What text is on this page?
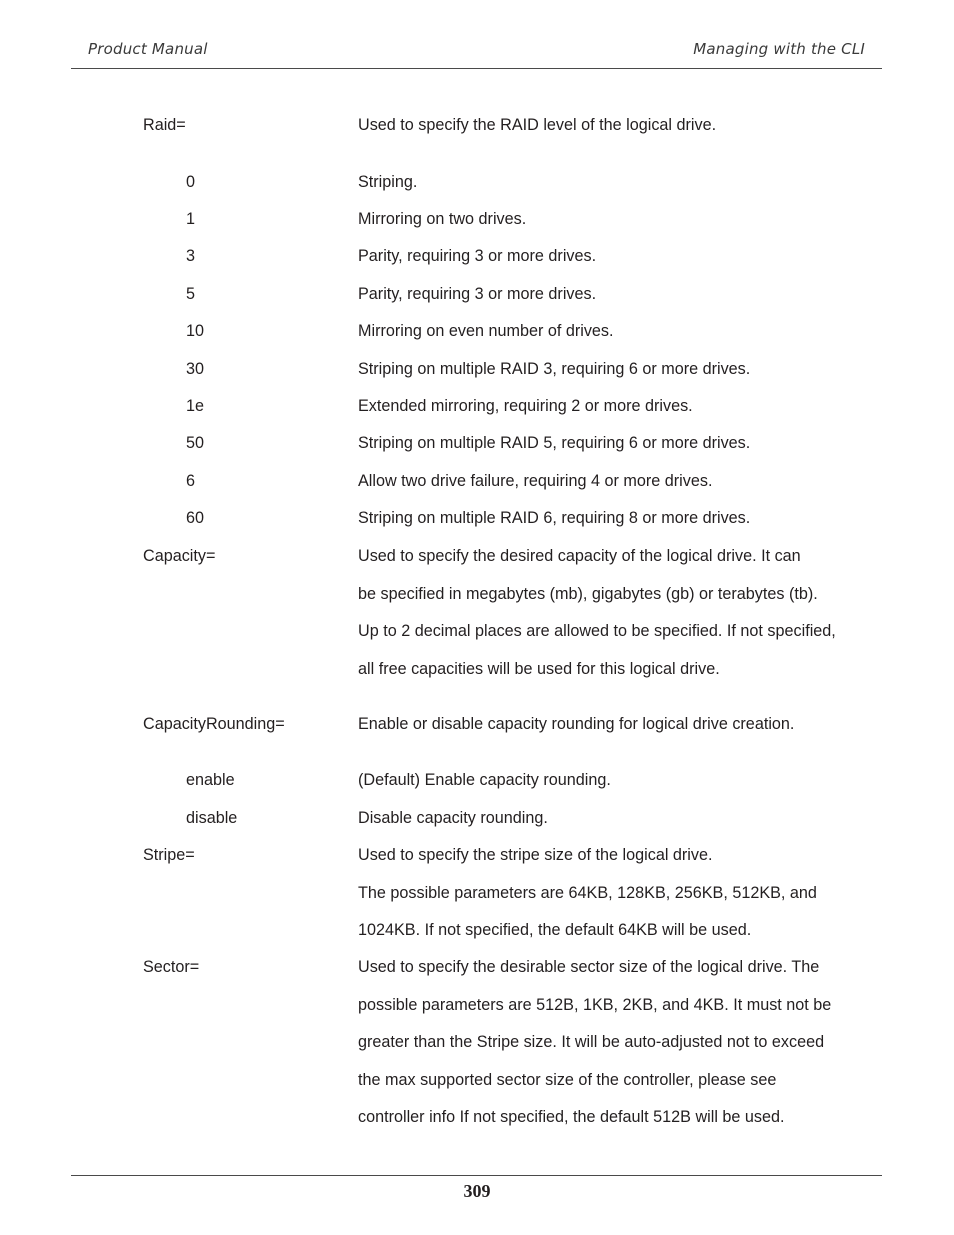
Product Manual	Managing with the CLI
Raid=	Used to specify the RAID level of the logical drive.
0	Striping.
1	Mirroring on two drives.
3	Parity, requiring 3 or more drives.
5	Parity, requiring 3 or more drives.
10	Mirroring on even number of drives.
30	Striping on multiple RAID 3, requiring 6 or more drives.
1e	Extended mirroring, requiring 2 or more drives.
50	Striping on multiple RAID 5, requiring 6 or more drives.
6	Allow two drive failure, requiring 4 or more drives.
60	Striping on multiple RAID 6, requiring 8 or more drives.
Capacity=	Used to specify the desired capacity of the logical drive. It can
be specified in megabytes (mb), gigabytes (gb) or terabytes (tb).
Up to 2 decimal places are allowed to be specified. If not specified,
all free capacities will be used for this logical drive.
CapacityRounding=	Enable or disable capacity rounding for logical drive creation.
enable	(Default) Enable capacity rounding.
disable	Disable capacity rounding.
Stripe=	Used to specify the stripe size of the logical drive.
The possible parameters are 64KB, 128KB, 256KB, 512KB, and
1024KB. If not specified, the default 64KB will be used.
Sector=	Used to specify the desirable sector size of the logical drive. The
possible parameters are 512B, 1KB, 2KB, and 4KB. It must not be
greater than the Stripe size. It will be auto-adjusted not to exceed
the max supported sector size of the controller, please see
controller info If not specified, the default 512B will be used.
309
